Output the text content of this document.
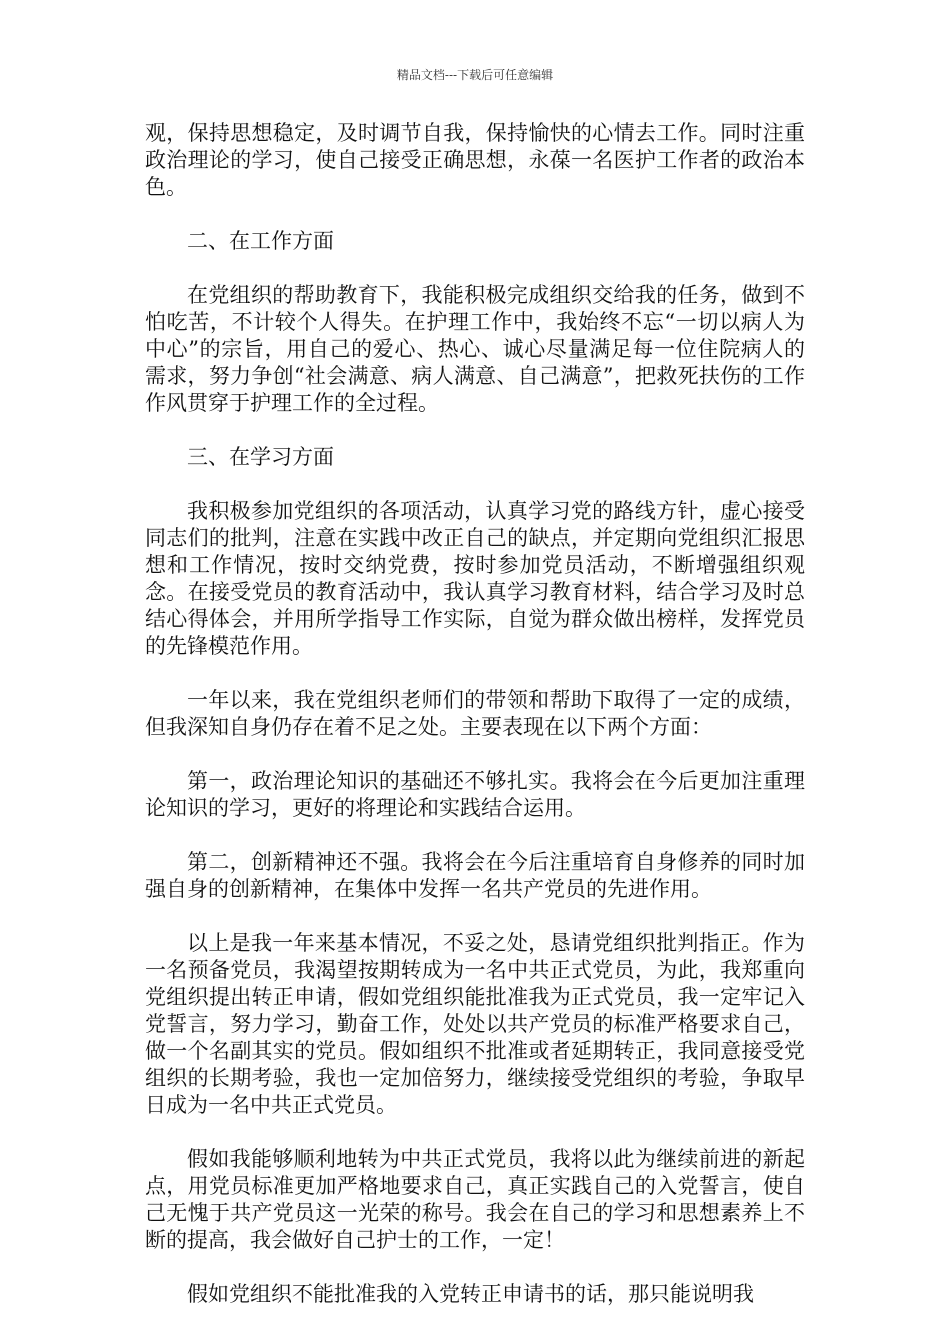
精品文档---下载后可任意编辑

观，保持思想稳定，及时调节自我，保持愉快的心情去工作。同时注重政治理论的学习，使自己接受正确思想，永葆一名医护工作者的政治本色。

二、在工作方面

在党组织的帮助教育下，我能积极完成组织交给我的任务，做到不怕吃苦，不计较个人得失。在护理工作中，我始终不忘“一切以病人为中心”的宗旨，用自己的爱心、热心、诚心尽量满足每一位住院病人的需求，努力争创“社会满意、病人满意、自己满意”，把救死扶伤的工作作风贯穿于护理工作的全过程。

三、在学习方面

我积极参加党组织的各项活动，认真学习党的路线方针，虚心接受同志们的批判，注意在实践中改正自己的缺点，并定期向党组织汇报思想和工作情况，按时交纳党费，按时参加党员活动，不断增强组织观念。在接受党员的教育活动中，我认真学习教育材料，结合学习及时总结心得体会，并用所学指导工作实际，自觉为群众做出榜样，发挥党员的先锋模范作用。

一年以来，我在党组织老师们的带领和帮助下取得了一定的成绩，但我深知自身仍存在着不足之处。主要表现在以下两个方面：

第一，政治理论知识的基础还不够扎实。我将会在今后更加注重理论知识的学习，更好的将理论和实践结合运用。

第二，创新精神还不强。我将会在今后注重培育自身修养的同时加强自身的创新精神，在集体中发挥一名共产党员的先进作用。

以上是我一年来基本情况，不妥之处，恳请党组织批判指正。作为一名预备党员，我渴望按期转成为一名中共正式党员，为此，我郑重向党组织提出转正申请，假如党组织能批准我为正式党员，我一定牢记入党誓言，努力学习，勤奋工作，处处以共产党员的标准严格要求自己，做一个名副其实的党员。假如组织不批准或者延期转正，我同意接受党组织的长期考验，我也一定加倍努力，继续接受党组织的考验，争取早日成为一名中共正式党员。

假如我能够顺利地转为中共正式党员，我将以此为继续前进的新起点，用党员标准更加严格地要求自己，真正实践自己的入党誓言，使自己无愧于共产党员这一光荣的称号。我会在自己的学习和思想素养上不断的提高，我会做好自己护士的工作，一定！

假如党组织不能批准我的入党转正申请书的话，那只能说明我
